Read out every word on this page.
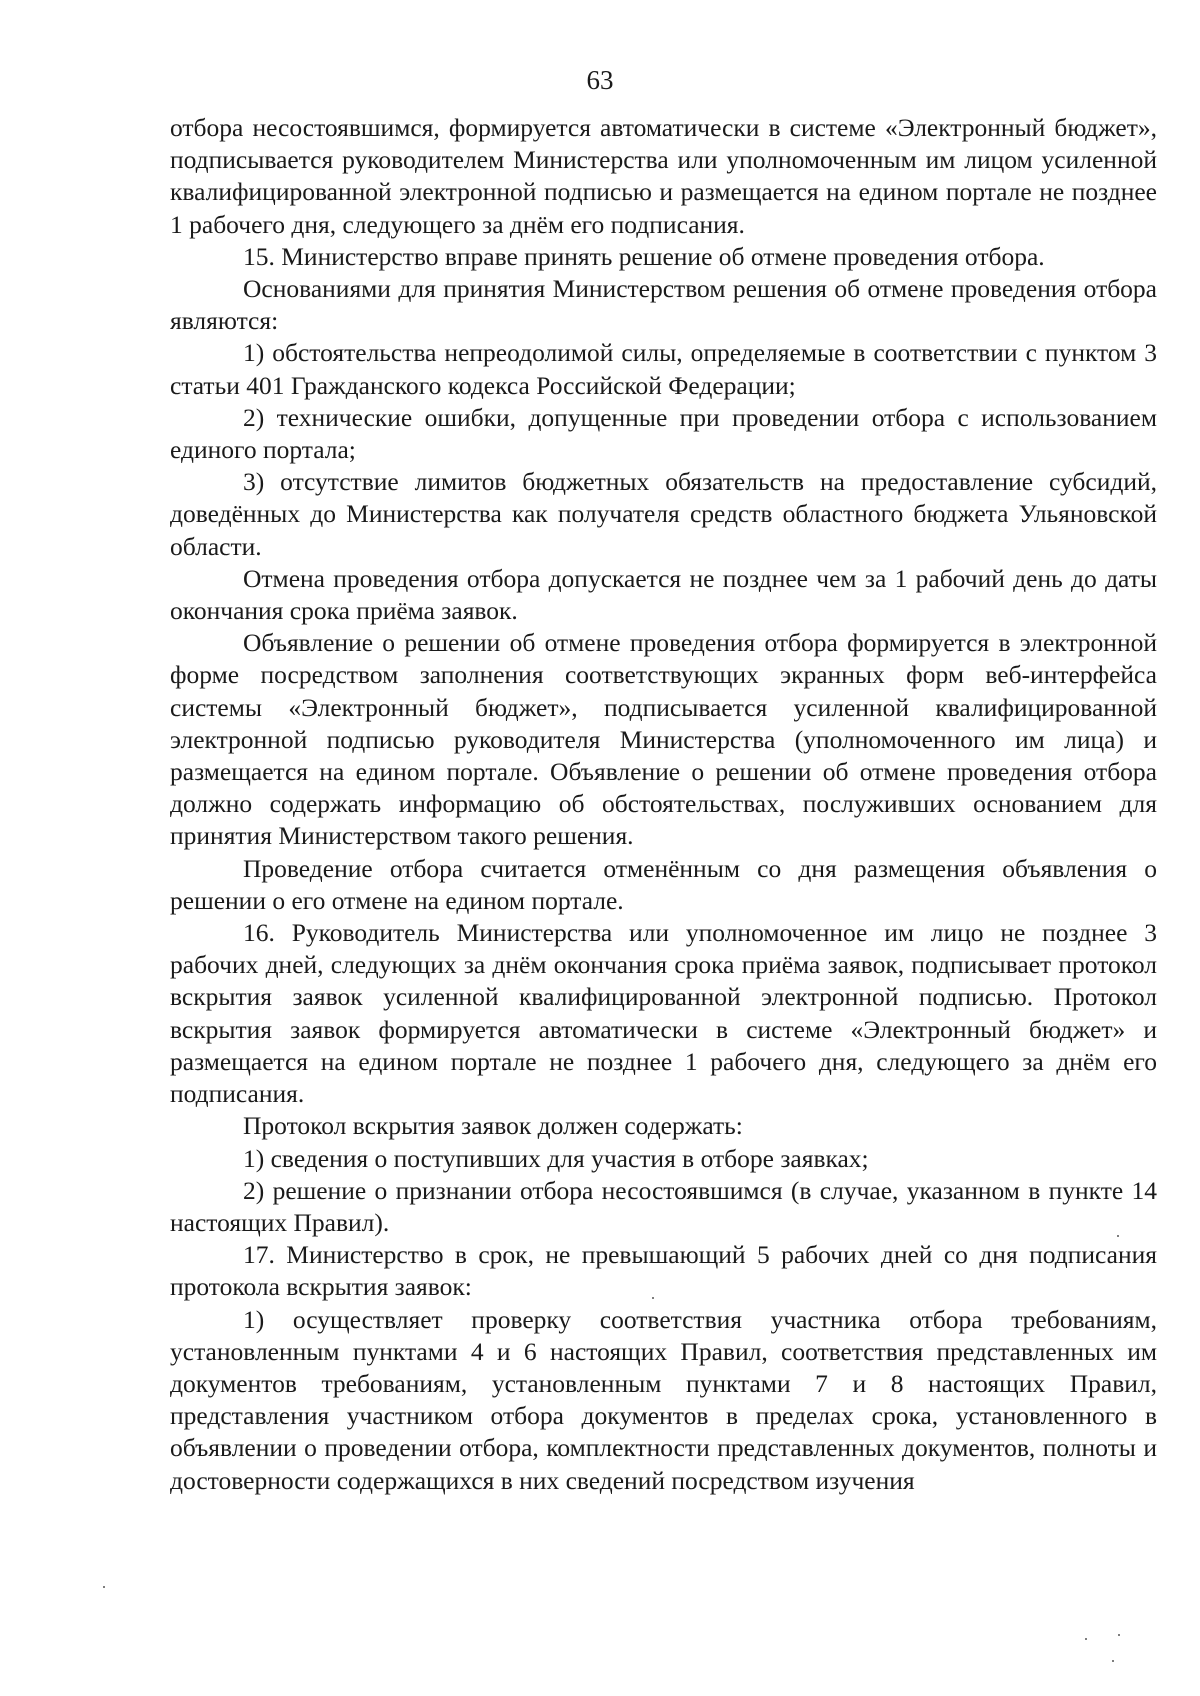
63

отбора несостоявшимся, формируется автоматически в системе «Электронный бюджет», подписывается руководителем Министерства или уполномоченным им лицом усиленной квалифицированной электронной подписью и размещается на едином портале не позднее 1 рабочего дня, следующего за днём его подписания.

15. Министерство вправе принять решение об отмене проведения отбора.

Основаниями для принятия Министерством решения об отмене проведения отбора являются:

1) обстоятельства непреодолимой силы, определяемые в соответствии с пунктом 3 статьи 401 Гражданского кодекса Российской Федерации;

2) технические ошибки, допущенные при проведении отбора с использованием единого портала;

3) отсутствие лимитов бюджетных обязательств на предоставление субсидий, доведённых до Министерства как получателя средств областного бюджета Ульяновской области.

Отмена проведения отбора допускается не позднее чем за 1 рабочий день до даты окончания срока приёма заявок.

Объявление о решении об отмене проведения отбора формируется в электронной форме посредством заполнения соответствующих экранных форм веб-интерфейса системы «Электронный бюджет», подписывается усиленной квалифицированной электронной подписью руководителя Министерства (уполномоченного им лица) и размещается на едином портале. Объявление о решении об отмене проведения отбора должно содержать информацию об обстоятельствах, послуживших основанием для принятия Министерством такого решения.

Проведение отбора считается отменённым со дня размещения объявления о решении о его отмене на едином портале.

16. Руководитель Министерства или уполномоченное им лицо не позднее 3 рабочих дней, следующих за днём окончания срока приёма заявок, подписывает протокол вскрытия заявок усиленной квалифицированной электронной подписью. Протокол вскрытия заявок формируется автоматически в системе «Электронный бюджет» и размещается на едином портале не позднее 1 рабочего дня, следующего за днём его подписания.

Протокол вскрытия заявок должен содержать:

1) сведения о поступивших для участия в отборе заявках;

2) решение о признании отбора несостоявшимся (в случае, указанном в пункте 14 настоящих Правил).

17. Министерство в срок, не превышающий 5 рабочих дней со дня подписания протокола вскрытия заявок:

1) осуществляет проверку соответствия участника отбора требованиям, установленным пунктами 4 и 6 настоящих Правил, соответствия представленных им документов требованиям, установленным пунктами 7 и 8 настоящих Правил, представления участником отбора документов в пределах срока, установленного в объявлении о проведении отбора, комплектности представленных документов, полноты и достоверности содержащихся в них сведений посредством изучения
